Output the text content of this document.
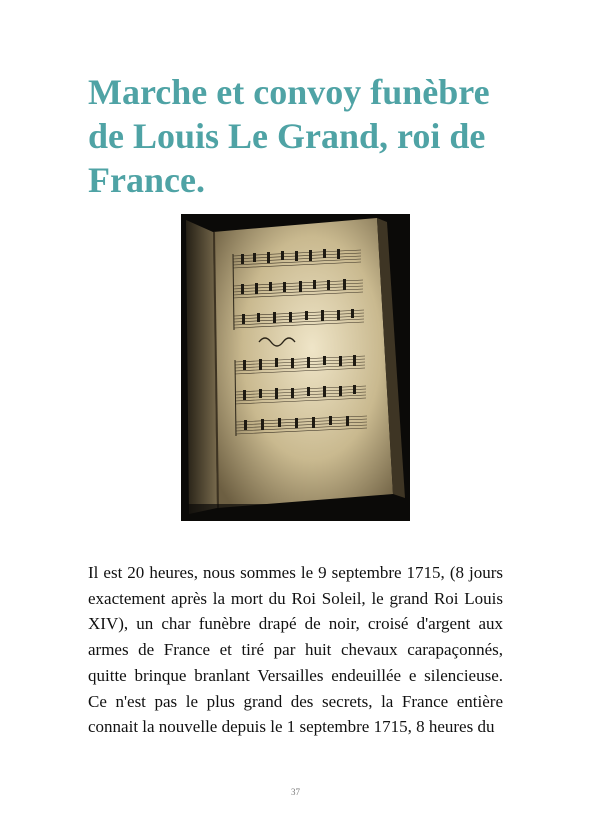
Marche et convoy funèbre de Louis Le Grand, roi de France.

Il est 20 heures, nous sommes le 9 septembre 1715, (8 jours exactement après la mort du Roi Soleil, le grand Roi Louis XIV), un char funèbre drapé de noir, croisé d'argent aux armes de France et tiré par huit chevaux carapaçonnés, quitte brinque branlant Versailles endeuillée e silencieuse. Ce n'est pas le plus grand des secrets, la France entière connait la nouvelle depuis le 1 septembre 1715, 8 heures du

37
